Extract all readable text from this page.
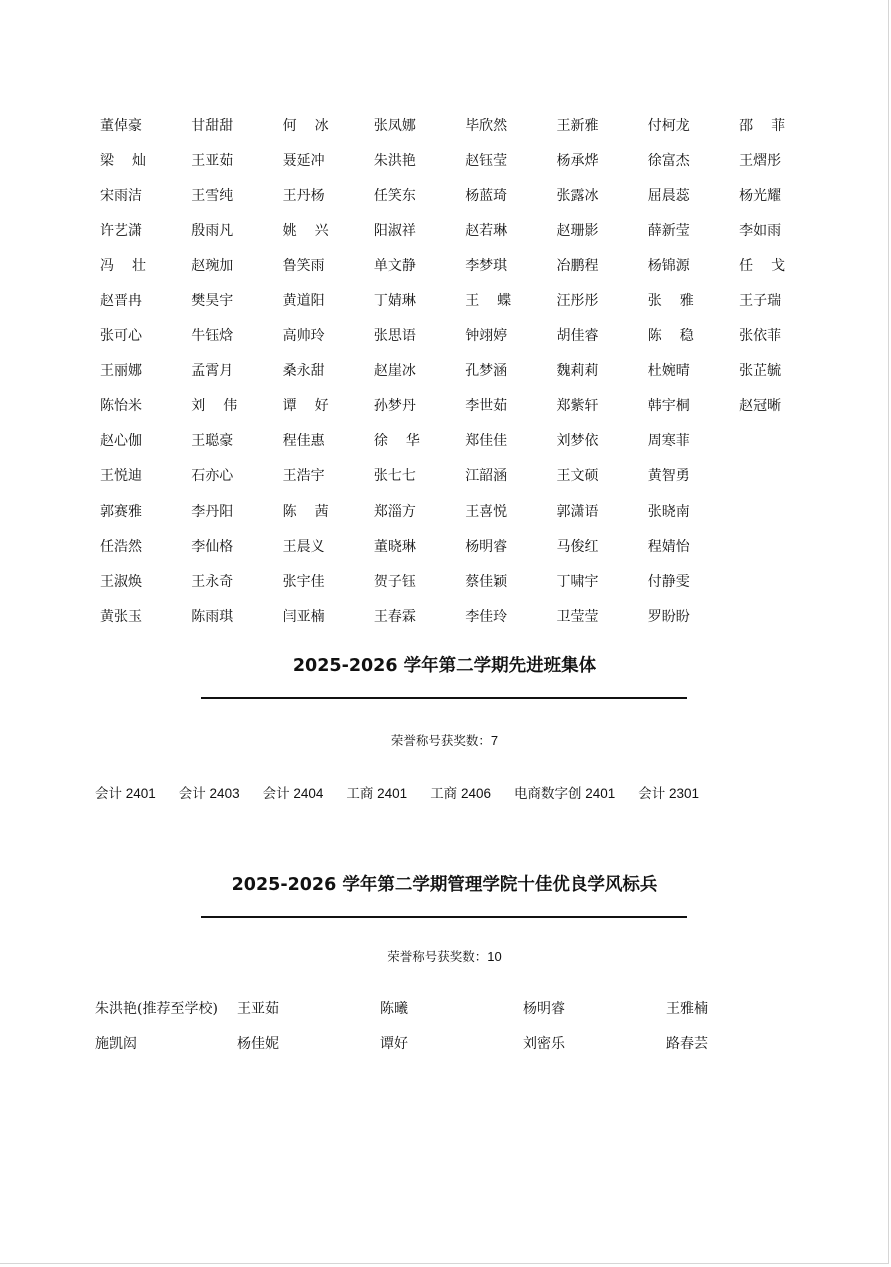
董倬豪	甘甜甜	何冰	张凤娜	毕欣然	王新雅	付柯龙	邵菲
梁灿	王亚茹	聂延冲	朱洪艳	赵钰莹	杨承烨	徐富杰	王熠彤
宋雨洁	王雪纯	王丹杨	任笑东	杨蓝琦	张露冰	屈晨蕊	杨光耀
许艺潇	殷雨凡	姚兴	阳淑祥	赵若琳	赵珊影	薛新莹	李如雨
冯壮	赵琬加	鲁笑雨	单文静	李梦琪	冶鹏程	杨锦源	任戈
赵晋冉	樊昊宇	黄道阳	丁婧琳	王蝶	汪彤彤	张雅	王子瑞
张可心	牛钰焓	高帅玲	张思语	钟翊婷	胡佳睿	陈稳	张依菲
王丽娜	孟霄月	桑永甜	赵崖冰	孔梦涵	魏莉莉	杜婉晴	张芷毓
陈怡米	刘伟	谭好	孙梦丹	李世茹	郑紫轩	韩宇桐	赵冠晰
赵心伽	王聪豪	程佳惠	徐华	郑佳佳	刘梦依	周寒菲
王悦迪	石亦心	王浩宇	张七七	江韶涵	王文硕	黄智勇
郭赛雅	李丹阳	陈茜	郑淄方	王喜悦	郭潇语	张晓南
任浩然	李仙格	王晨义	董晓琳	杨明睿	马俊红	程婧怡
王淑焕	王永奇	张宇佳	贺子钰	蔡佳颖	丁啸宇	付静雯
黄张玉	陈雨琪	闫亚楠	王春霖	李佳玲	卫莹莹	罗盼盼
2025-2026 学年第二学期先进班集体
荣誉称号获奖数：7
会计 2401 会计 2403 会计 2404 工商 2401 工商 2406 电商数字创 2401 会计 2301
2025-2026 学年第二学期管理学院十佳优良学风标兵
荣誉称号获奖数：10
朱洪艳(推荐至学校)	王亚茹	陈曦	杨明睿	王雅楠
施凯闳	杨佳妮	谭好	刘密乐	路春芸
